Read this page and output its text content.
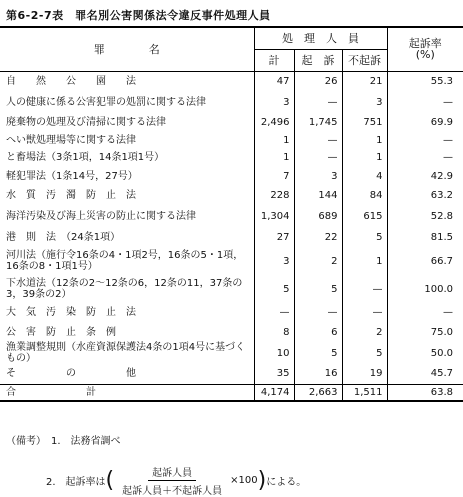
第6-2-7表　罪名別公害関係法令違反事件処理人員
罪　　　　名	処　理　人　員			起訴率
(%)

	計	起　訴	不起訴	
自　　然　　公　　園　　法	47	26	21	55.3
人の健康に係る公害犯罪の処罰に関する法律	3	—	3	—
廃棄物の処理及び清掃に関する法律	2,496	1,745	751	69.9
へい獣処理場等に関する法律	1	—	1	—
と畜場法（3条1項，14条1項1号）	1	—	1	—
軽犯罪法（1条14号，27号）	7	3	4	42.9
水　質　汚　濁　防　止　法	228	144	84	63.2
海洋汚染及び海上災害の防止に関する法律	1,304	689	615	52.8
港　則　法　（24条1項）	27	22	5	81.5
河川法（施行令16条の4・1項2号，16条の5・1項，16条の8・1項1号）	3	2	1	66.7
下水道法（12条の2～12条の6，12条の11，37条の3，39条の2）	5	5	—	100.0
大　気　汚　染　防　止　法	—	—	—	—
公　害　防　止　条　例	8	6	2	75.0
漁業調整規則（水産資源保護法4条の1項4号に基づくもの）	10	5	5	50.0
そ　　　　　の　　　　　他	35	16	19	45.7
合　　　　　　　計	4,174	2,663	1,511	63.8
（備考）　 1.　法務省調べ
2.　起訴率は ( $\frac{\text{起訴人員}}{\text{起訴人員＋不起訴人員}} \times 100$ ) による。
